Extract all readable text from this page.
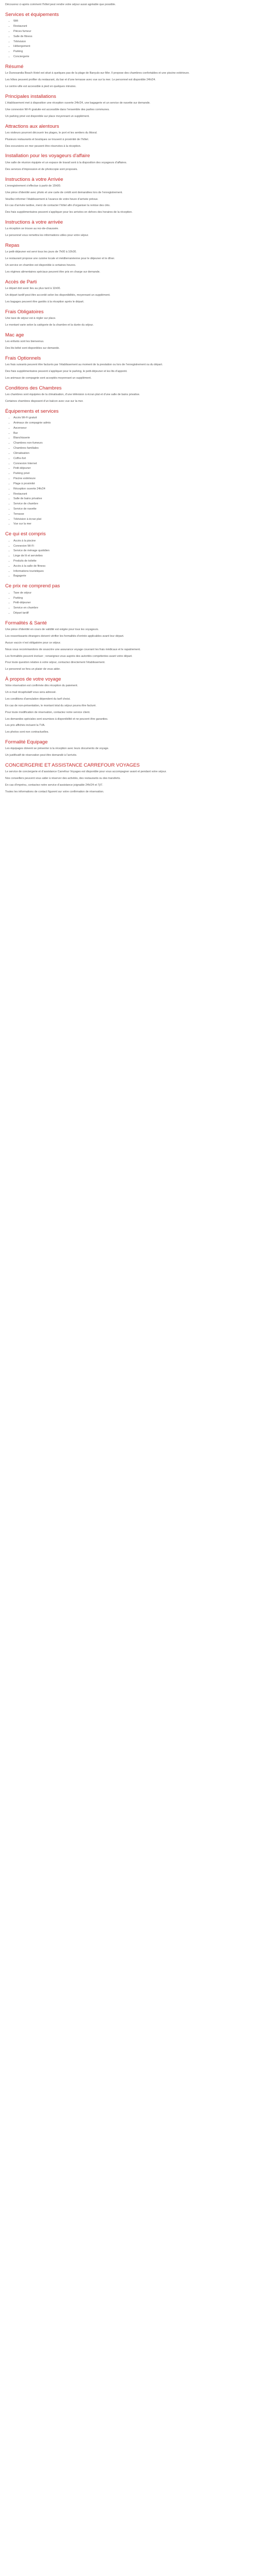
Découvrez ci-après comment l’hôtel peut rendre votre séjour aussi agréable que possible.

Services et équipements
• Wifi
• Restaurant
• Pièces fumeur
• Salle de fitness
• Télévision
• Hébergement
• Parking
• Conciergerie
Résumé

Le Dunesandia Beach Hotel est situé à quelques pas de la plage de Banyuls-sur-Mer. Il propose des chambres confortables et une piscine extérieure.

Les hôtes peuvent profiter du restaurant, du bar et d’une terrasse avec vue sur la mer. Le personnel est disponible 24h/24.

Le centre-ville est accessible à pied en quelques minutes.

Principales installations

L’établissement met à disposition une réception ouverte 24h/24, une bagagerie et un service de navette sur demande.

Une connexion Wi-Fi gratuite est accessible dans l’ensemble des parties communes.

Un parking privé est disponible sur place moyennant un supplément.

Attractions aux alentours

Les visiteurs pourront découvrir les plages, le port et les sentiers du littoral.

Plusieurs restaurants et boutiques se trouvent à proximité de l’hôtel.

Des excursions en mer peuvent être réservées à la réception.

Installation pour les voyageurs d'affaire

Une salle de réunion équipée et un espace de travail sont à la disposition des voyageurs d’affaires.

Des services d’impression et de photocopie sont proposés.

Instructions à votre Arrivée

L’enregistrement s’effectue à partir de 15h00.

Une pièce d’identité avec photo et une carte de crédit sont demandées lors de l’enregistrement.

Veuillez informer l’établissement à l’avance de votre heure d’arrivée prévue.

En cas d’arrivée tardive, merci de contacter l’hôtel afin d’organiser la remise des clés.

Des frais supplémentaires peuvent s’appliquer pour les arrivées en dehors des horaires de la réception.

Instructions à votre arrivée

La réception se trouve au rez-de-chaussée.

Le personnel vous remettra les informations utiles pour votre séjour.

Repas

Le petit-déjeuner est servi tous les jours de 7h00 à 10h30.

Le restaurant propose une cuisine locale et méditerranéenne pour le déjeuner et le dîner.

Un service en chambre est disponible à certaines heures.

Les régimes alimentaires spéciaux peuvent être pris en charge sur demande.

Accès de Parti

Le départ doit avoir lieu au plus tard à 11h00.

Un départ tardif peut être accordé selon les disponibilités, moyennant un supplément.

Les bagages peuvent être gardés à la réception après le départ.

Frais Obligatoires

Une taxe de séjour est à régler sur place.

Le montant varie selon la catégorie de la chambre et la durée du séjour.

Mac age

Les enfants sont les bienvenus.

Des lits bébé sont disponibles sur demande.

Frais Optionnels

Les frais suivants peuvent être facturés par l’établissement au moment de la prestation ou lors de l’enregistrement ou du départ.

Des frais supplémentaires peuvent s’appliquer pour le parking, le petit-déjeuner et les lits d’appoint.

Les animaux de compagnie sont acceptés moyennant un supplément.

Conditions des Chambres

Les chambres sont équipées de la climatisation, d’une télévision à écran plat et d’une salle de bains privative.

Certaines chambres disposent d’un balcon avec vue sur la mer.

Équipements et services
• Accès Wi-Fi gratuit
• Animaux de compagnie admis
• Ascenseur
• Bar
• Blanchisserie
• Chambres non-fumeurs
• Chambres familiales
• Climatisation
• Coffre-fort
• Connexion Internet
• Petit-déjeuner
• Parking privé
• Piscine extérieure
• Plage à proximité
• Réception ouverte 24h/24
• Restaurant
• Salle de bains privative
• Service de chambre
• Service de navette
• Terrasse
• Télévision à écran plat
• Vue sur la mer
Ce qui est compris
• Accès à la piscine
• Connexion Wi-Fi
• Service de ménage quotidien
• Linge de lit et serviettes
• Produits de toilette
• Accès à la salle de fitness
• Informations touristiques
• Bagagerie
Ce prix ne comprend pas
• Taxe de séjour
• Parking
• Petit-déjeuner
• Service en chambre
• Départ tardif
Formalités & Santé

Une pièce d’identité en cours de validité est exigée pour tous les voyageurs.

Les ressortissants étrangers doivent vérifier les formalités d’entrée applicables avant leur départ.

Aucun vaccin n’est obligatoire pour ce séjour.

Nous vous recommandons de souscrire une assurance voyage couvrant les frais médicaux et le rapatriement.

Les formalités peuvent évoluer ; renseignez-vous auprès des autorités compétentes avant votre départ.

Pour toute question relative à votre séjour, contactez directement l’établissement.

Le personnel se fera un plaisir de vous aider.

À propos de votre voyage

Votre réservation est confirmée dès réception du paiement.

Un e-mail récapitulatif vous sera adressé.

Les conditions d’annulation dépendent du tarif choisi.

En cas de non-présentation, le montant total du séjour pourra être facturé.

Pour toute modification de réservation, contactez notre service client.

Les demandes spéciales sont soumises à disponibilité et ne peuvent être garanties.

Les prix affichés incluent la TVA.

Les photos sont non contractuelles.

Formalité Equipage

Les équipages doivent se présenter à la réception avec leurs documents de voyage.

Un justificatif de réservation peut être demandé à l’arrivée.

CONCIERGERIE ET ASSISTANCE CARREFOUR VOYAGES

Le service de conciergerie et d’assistance Carrefour Voyages est disponible pour vous accompagner avant et pendant votre séjour.

Nos conseillers peuvent vous aider à réserver des activités, des restaurants ou des transferts.

En cas d’imprévu, contactez notre service d’assistance joignable 24h/24 et 7j/7.

Toutes les informations de contact figurent sur votre confirmation de réservation.
